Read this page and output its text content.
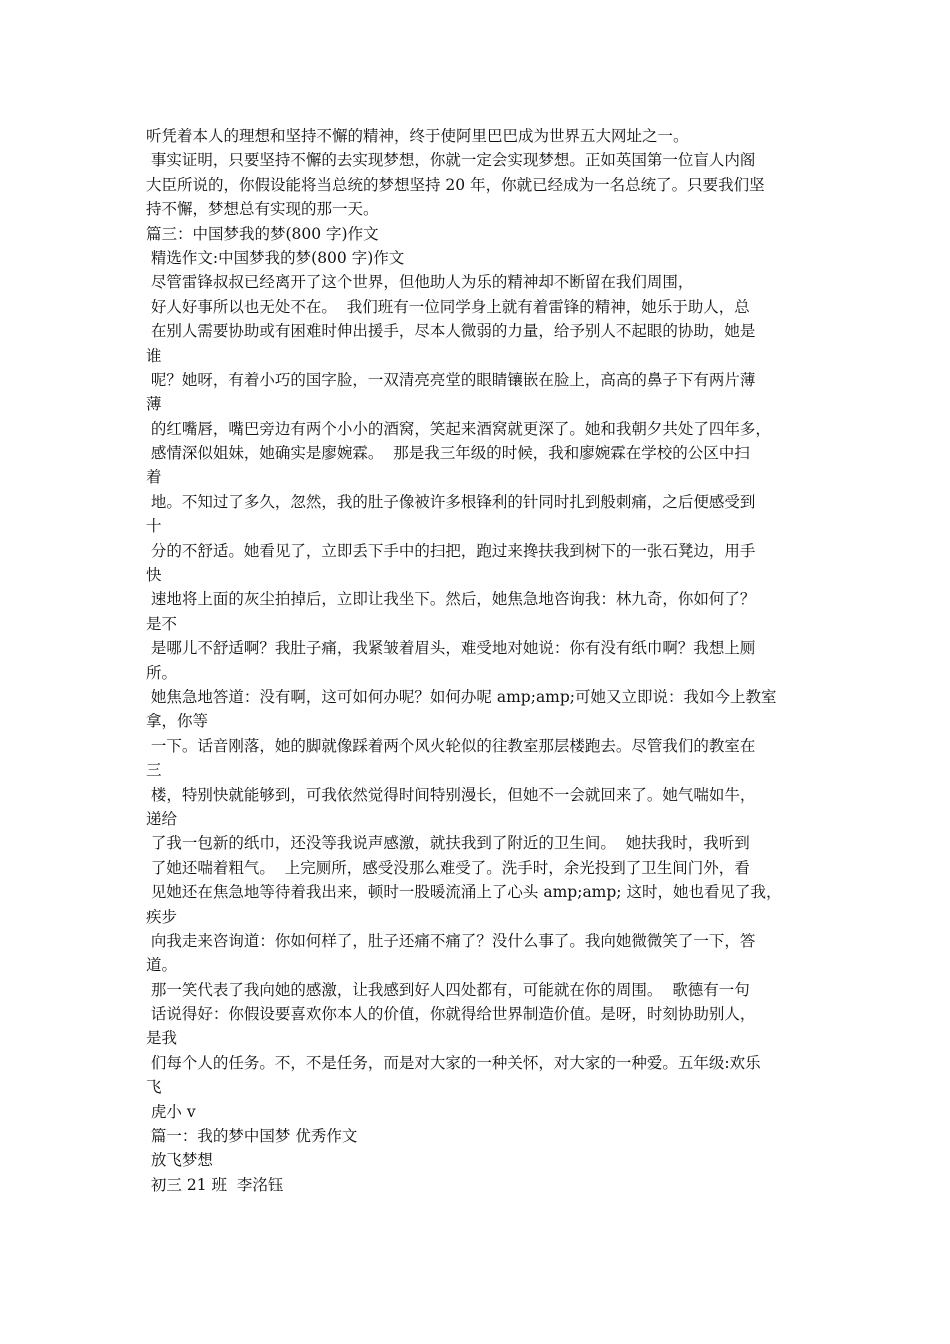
听凭着本人的理想和坚持不懈的精神，终于使阿里巴巴成为世界五大网址之一。
事实证明，只要坚持不懈的去实现梦想，你就一定会实现梦想。正如英国第一位盲人内阁
大臣所说的，你假设能将当总统的梦想坚持 20 年，你就已经成为一名总统了。只要我们坚
持不懈，梦想总有实现的那一天。
篇三：中国梦我的梦(800 字)作文
精选作文:中国梦我的梦(800 字)作文
尽管雷锋叔叔已经离开了这个世界，但他助人为乐的精神却不断留在我们周围，
好人好事所以也无处不在。  我们班有一位同学身上就有着雷锋的精神，她乐于助人，总
在别人需要协助或有困难时伸出援手，尽本人微弱的力量，给予别人不起眼的协助，她是
谁
呢？她呀，有着小巧的国字脸，一双清亮亮堂的眼睛镶嵌在脸上，高高的鼻子下有两片薄
薄
的红嘴唇，嘴巴旁边有两个小小的酒窝，笑起来酒窝就更深了。她和我朝夕共处了四年多，
感情深似姐妹，她确实是廖婉霖。  那是我三年级的时候，我和廖婉霖在学校的公区中扫
着
地。不知过了多久，忽然，我的肚子像被许多根锋利的针同时扎到般刺痛，之后便感受到
十
分的不舒适。她看见了，立即丢下手中的扫把，跑过来搀扶我到树下的一张石凳边，用手
快
速地将上面的灰尘拍掉后，立即让我坐下。然后，她焦急地咨询我：林九奇，你如何了？
是不
是哪儿不舒适啊？我肚子痛，我紧皱着眉头，难受地对她说：你有没有纸巾啊？我想上厕
所。
她焦急地答道：没有啊，这可如何办呢？如何办呢 amp;amp;可她又立即说：我如今上教室
拿，你等
一下。话音刚落，她的脚就像踩着两个风火轮似的往教室那层楼跑去。尽管我们的教室在
三
楼，特别快就能够到，可我依然觉得时间特别漫长，但她不一会就回来了。她气喘如牛，
递给
了我一包新的纸巾，还没等我说声感激，就扶我到了附近的卫生间。  她扶我时，我听到
了她还喘着粗气。  上完厕所，感受没那么难受了。洗手时，余光投到了卫生间门外，看
见她还在焦急地等待着我出来，顿时一股暖流涌上了心头 amp;amp; 这时，她也看见了我，
疾步
向我走来咨询道：你如何样了，肚子还痛不痛了？没什么事了。我向她微微笑了一下，答
道。
那一笑代表了我向她的感激，让我感到好人四处都有，可能就在你的周围。  歌德有一句
话说得好：你假设要喜欢你本人的价值，你就得给世界制造价值。是呀，时刻协助别人，
是我
们每个人的任务。不，不是任务，而是对大家的一种关怀，对大家的一种爱。五年级:欢乐
飞
虎小 v
篇一：我的梦中国梦 优秀作文
放飞梦想
初三 21 班  李洺钰
